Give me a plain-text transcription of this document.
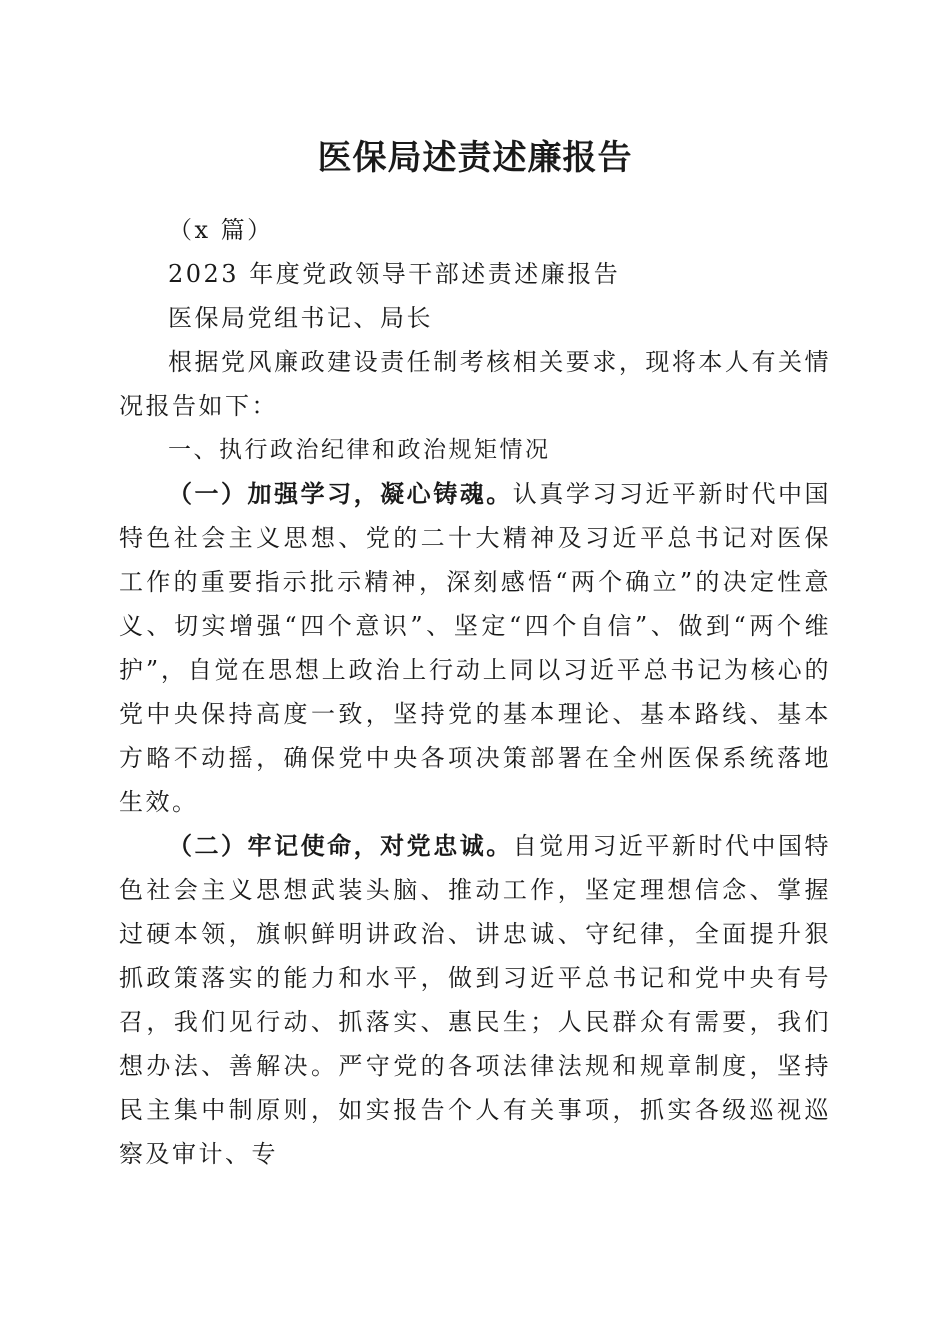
医保局述责述廉报告

（x 篇）

2023 年度党政领导干部述责述廉报告

医保局党组书记、局长

根据党风廉政建设责任制考核相关要求，现将本人有关情况报告如下：

一、执行政治纪律和政治规矩情况

（一）加强学习，凝心铸魂。认真学习习近平新时代中国特色社会主义思想、党的二十大精神及习近平总书记对医保工作的重要指示批示精神，深刻感悟“两个确立”的决定性意义、切实增强“四个意识”、坚定“四个自信”、做到“两个维护”，自觉在思想上政治上行动上同以习近平总书记为核心的党中央保持高度一致，坚持党的基本理论、基本路线、基本方略不动摇，确保党中央各项决策部署在全州医保系统落地生效。

（二）牢记使命，对党忠诚。自觉用习近平新时代中国特色社会主义思想武装头脑、推动工作，坚定理想信念、掌握过硬本领，旗帜鲜明讲政治、讲忠诚、守纪律，全面提升狠抓政策落实的能力和水平，做到习近平总书记和党中央有号召，我们见行动、抓落实、惠民生；人民群众有需要，我们想办法、善解决。严守党的各项法律法规和规章制度，坚持民主集中制原则，如实报告个人有关事项，抓实各级巡视巡察及审计、专
